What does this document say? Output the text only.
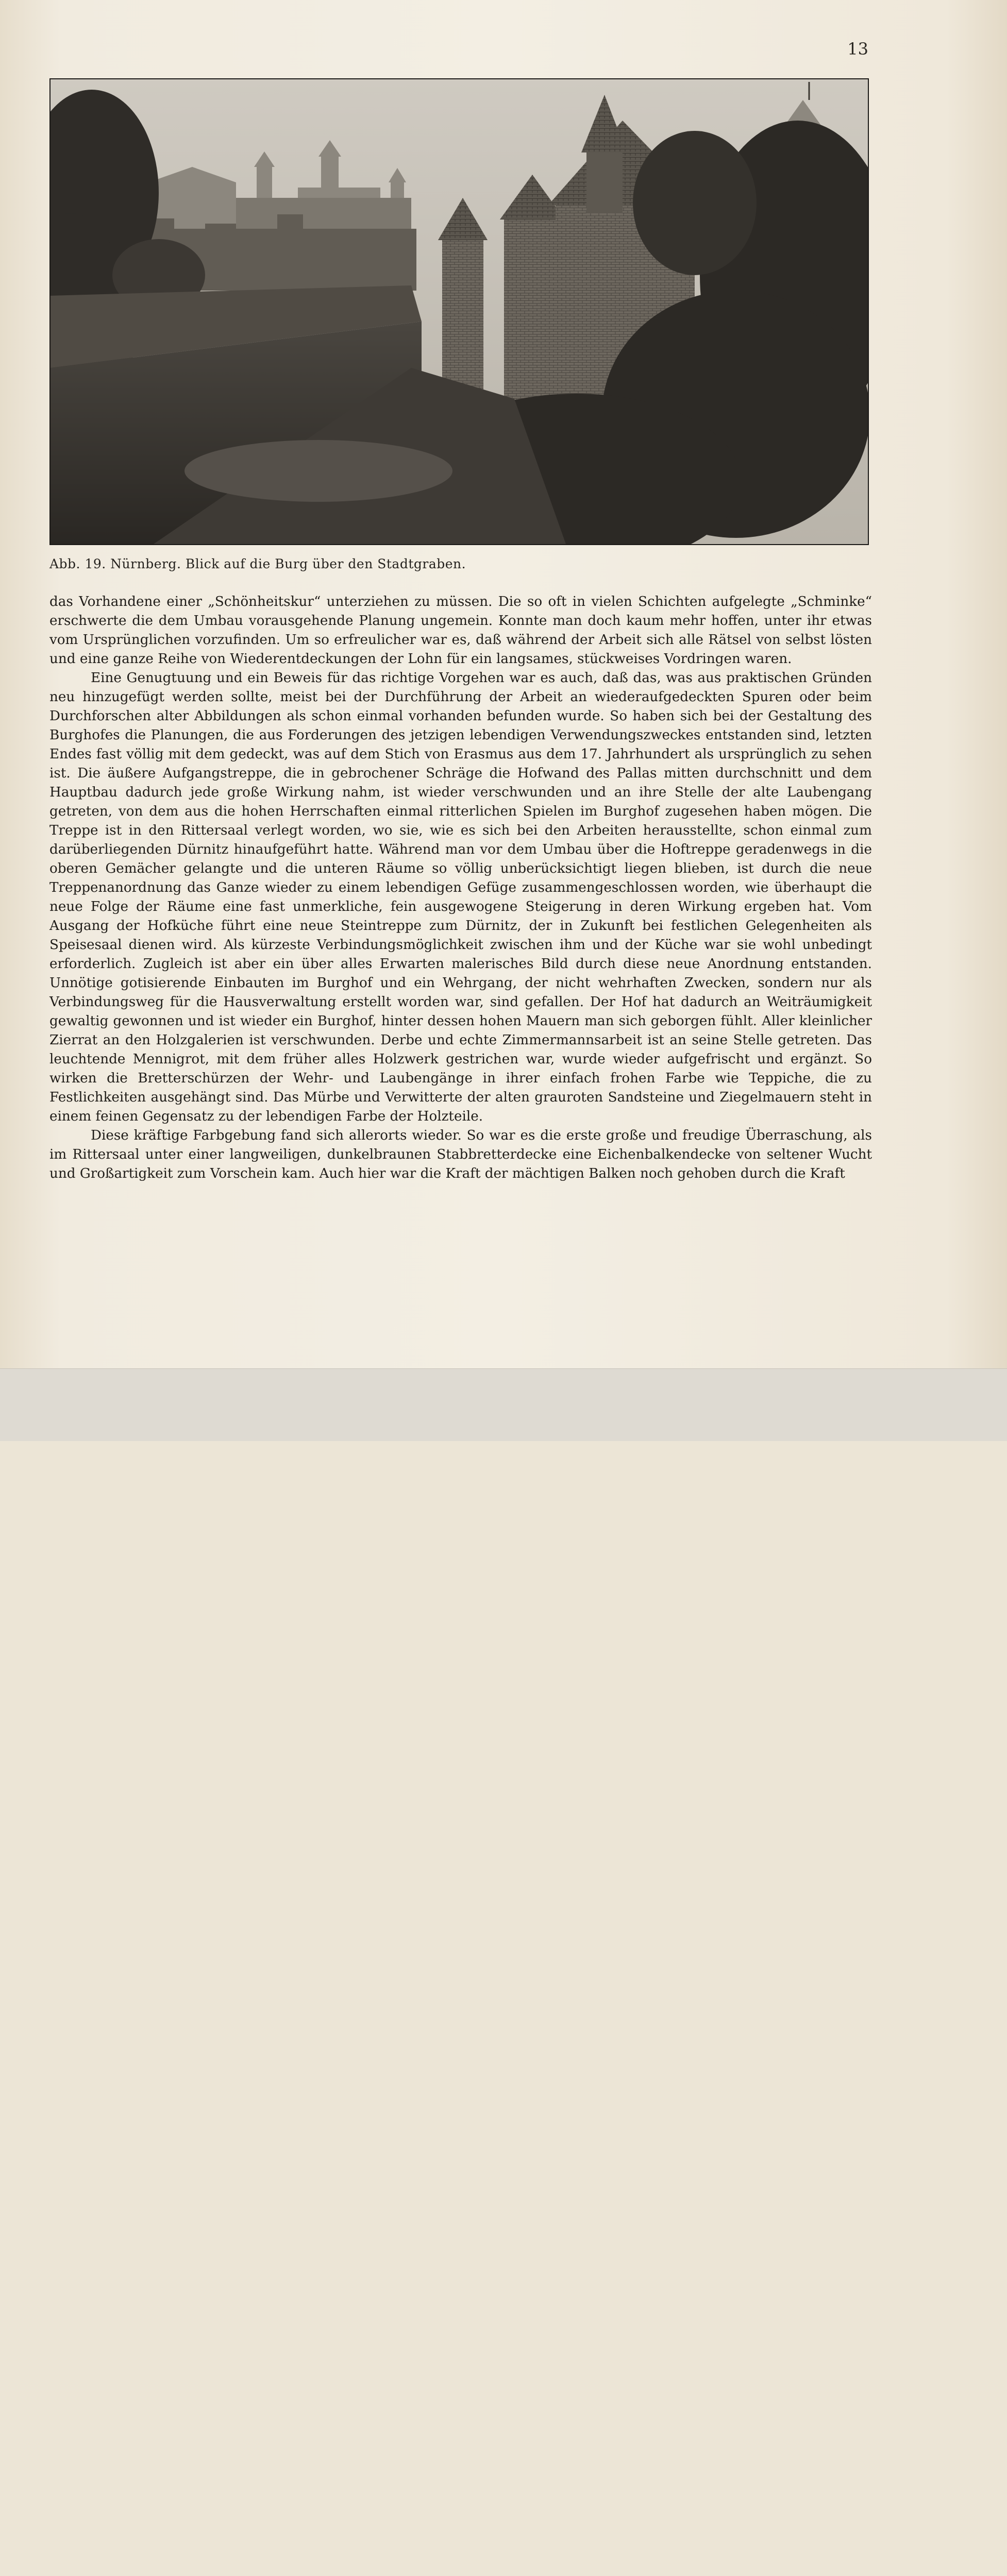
13
Abb. 19. Nürnberg. Blick auf die Burg über den Stadtgraben.

das Vorhandene einer „Schönheitskur“ unterziehen zu müssen. Die so oft in vielen Schichten aufgelegte „Schminke“ erschwerte die dem Umbau vorausgehende Planung ungemein. Konnte man doch kaum mehr hoffen, unter ihr etwas vom Ursprünglichen vorzufinden. Um so erfreulicher war es, daß während der Arbeit sich alle Rätsel von selbst lösten und eine ganze Reihe von Wiederentdeckungen der Lohn für ein langsames, stückweises Vordringen waren.

Eine Genugtuung und ein Beweis für das richtige Vorgehen war es auch, daß das, was aus praktischen Gründen neu hinzugefügt werden sollte, meist bei der Durchführung der Arbeit an wiederaufgedeckten Spuren oder beim Durchforschen alter Abbildungen als schon einmal vorhanden befunden wurde. So haben sich bei der Gestaltung des Burghofes die Planungen, die aus Forderungen des jetzigen lebendigen Verwendungszweckes entstanden sind, letzten Endes fast völlig mit dem gedeckt, was auf dem Stich von Erasmus aus dem 17. Jahrhundert als ursprünglich zu sehen ist. Die äußere Aufgangstreppe, die in gebrochener Schräge die Hofwand des Pallas mitten durchschnitt und dem Hauptbau dadurch jede große Wirkung nahm, ist wieder verschwunden und an ihre Stelle der alte Laubengang getreten, von dem aus die hohen Herrschaften einmal ritterlichen Spielen im Burghof zugesehen haben mögen. Die Treppe ist in den Rittersaal verlegt worden, wo sie, wie es sich bei den Arbeiten herausstellte, schon einmal zum darüberliegenden Dürnitz hinaufgeführt hatte. Während man vor dem Umbau über die Hoftreppe geradenwegs in die oberen Gemächer gelangte und die unteren Räume so völlig unberücksichtigt liegen blieben, ist durch die neue Treppenanordnung das Ganze wieder zu einem lebendigen Gefüge zusammengeschlossen worden, wie überhaupt die neue Folge der Räume eine fast unmerkliche, fein ausgewogene Steigerung in deren Wirkung ergeben hat. Vom Ausgang der Hofküche führt eine neue Steintreppe zum Dürnitz, der in Zukunft bei festlichen Gelegenheiten als Speisesaal dienen wird. Als kürzeste Verbindungsmöglichkeit zwischen ihm und der Küche war sie wohl unbedingt erforderlich. Zugleich ist aber ein über alles Erwarten malerisches Bild durch diese neue Anordnung entstanden. Unnötige gotisierende Einbauten im Burghof und ein Wehrgang, der nicht wehrhaften Zwecken, sondern nur als Verbindungsweg für die Hausverwaltung erstellt worden war, sind gefallen. Der Hof hat dadurch an Weiträumigkeit gewaltig gewonnen und ist wieder ein Burghof, hinter dessen hohen Mauern man sich geborgen fühlt. Aller kleinlicher Zierrat an den Holzgalerien ist verschwunden. Derbe und echte Zimmermannsarbeit ist an seine Stelle getreten. Das leuchtende Mennigrot, mit dem früher alles Holzwerk gestrichen war, wurde wieder aufgefrischt und ergänzt. So wirken die Bretterschürzen der Wehr- und Laubengänge in ihrer einfach frohen Farbe wie Teppiche, die zu Festlichkeiten ausgehängt sind. Das Mürbe und Verwitterte der alten grauroten Sandsteine und Ziegelmauern steht in einem feinen Gegensatz zu der lebendigen Farbe der Holzteile.

Diese kräftige Farbgebung fand sich allerorts wieder. So war es die erste große und freudige Überraschung, als im Rittersaal unter einer langweiligen, dunkelbraunen Stabbretterdecke eine Eichenbalkendecke von seltener Wucht und Großartigkeit zum Vorschein kam. Auch hier war die Kraft der mächtigen Balken noch gehoben durch die Kraft
